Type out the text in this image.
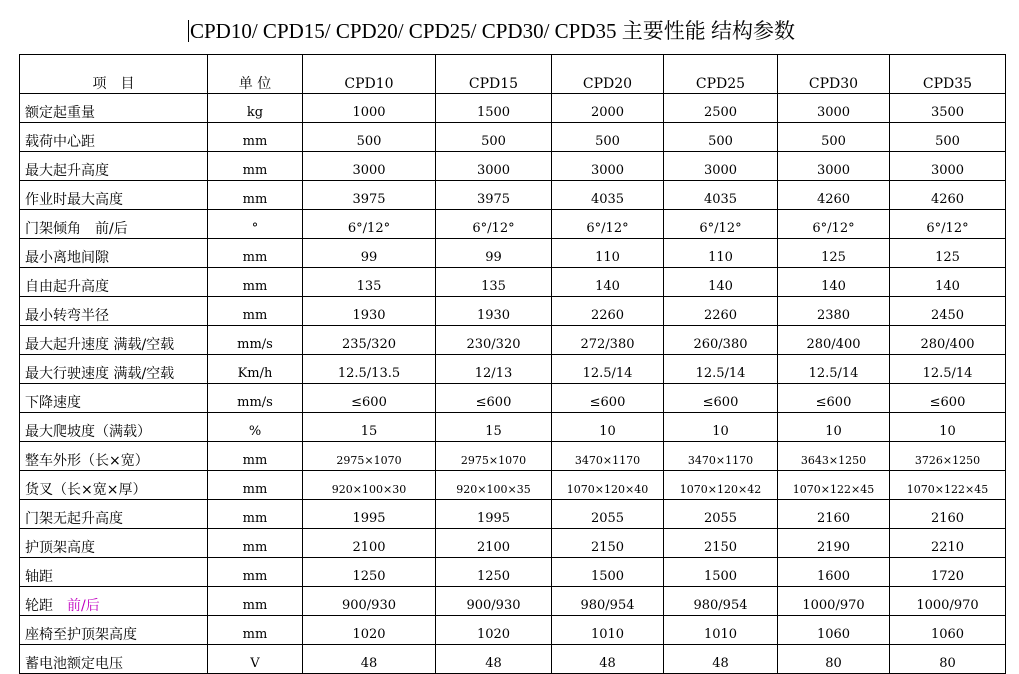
CPD10/ CPD15/ CPD20/ CPD25/ CPD30/ CPD35 主要性能 结构参数
项　目	单 位	CPD10	CPD15	CPD20	CPD25	CPD30	CPD35
额定起重量	kg	1000	1500	2000	2500	3000	3500
载荷中心距	mm	500	500	500	500	500	500
最大起升高度	mm	3000	3000	3000	3000	3000	3000
作业时最大高度	mm	3975	3975	4035	4035	4260	4260
门架倾角　前/后	°	6°/12°	6°/12°	6°/12°	6°/12°	6°/12°	6°/12°
最小离地间隙	mm	99	99	110	110	125	125
自由起升高度	mm	135	135	140	140	140	140
最小转弯半径	mm	1930	1930	2260	2260	2380	2450
最大起升速度 满载/空载	mm/s	235/320	230/320	272/380	260/380	280/400	280/400
最大行驶速度 满载/空载	Km/h	12.5/13.5	12/13	12.5/14	12.5/14	12.5/14	12.5/14
下降速度	mm/s	≤600	≤600	≤600	≤600	≤600	≤600
最大爬坡度（满载）	%	15	15	10	10	10	10
整车外形（长×宽）	mm	2975×1070	2975×1070	3470×1170	3470×1170	3643×1250	3726×1250
货叉（长×宽×厚）	mm	920×100×30	920×100×35	1070×120×40	1070×120×42	1070×122×45	1070×122×45
门架无起升高度	mm	1995	1995	2055	2055	2160	2160
护顶架高度	mm	2100	2100	2150	2150	2190	2210
轴距	mm	1250	1250	1500	1500	1600	1720
轮距　 前/后	mm	900/930	900/930	980/954	980/954	1000/970	1000/970
座椅至护顶架高度	mm	1020	1020	1010	1010	1060	1060
蓄电池额定电压	V	48	48	48	48	80	80
